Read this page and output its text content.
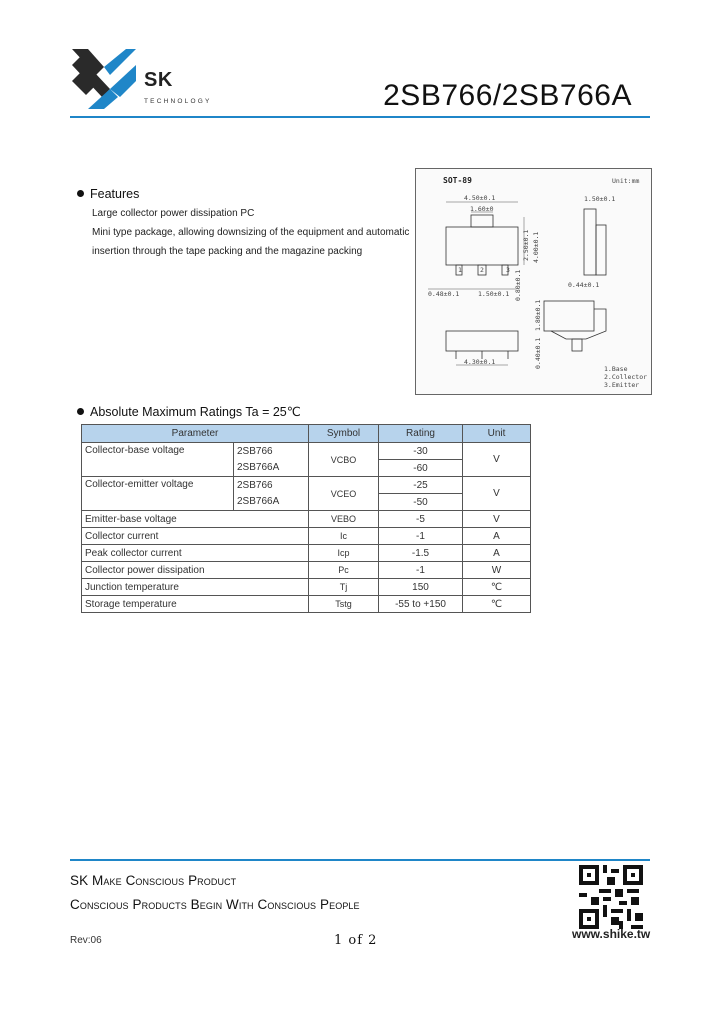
SK
TECHNOLOGY	2SB766/2SB766A
Features
Large collector power dissipation PC
Mini type package, allowing downsizing of the equipment and automatic
insertion through the tape packing and the magazine packing
SOT-89	Unit:mm
4.50±0.1
1.60±0
1	2	3
2.50±0.1 4.00±0.1
0.48±0.1	1.50±0.1 0.80±0.1
1.50±0.1
0.44±0.1
1.80±0.1
0.40±0.1
4.30±0.1
1.Base
2.Collector
3.Emitter
Absolute Maximum Ratings Ta = 25℃
Parameter		Symbol	Rating	Unit
Collector-base voltage	2SB766	VCBO	-30	V
	2SB766A		-60	
Collector-emitter voltage	2SB766	VCEO	-25	V
	2SB766A		-50	
Emitter-base voltage		VEBO	-5	V
Collector current		Ic	-1	A
Peak collector current		Icp	-1.5	A
Collector power dissipation		Pc	-1	W
Junction temperature		Tj	150	℃
Storage temperature		Tstg	-55 to +150	℃
SK Make Conscious Product
Conscious Products Begin With Conscious People
Rev:06	1 of 2	www.shike.tw
